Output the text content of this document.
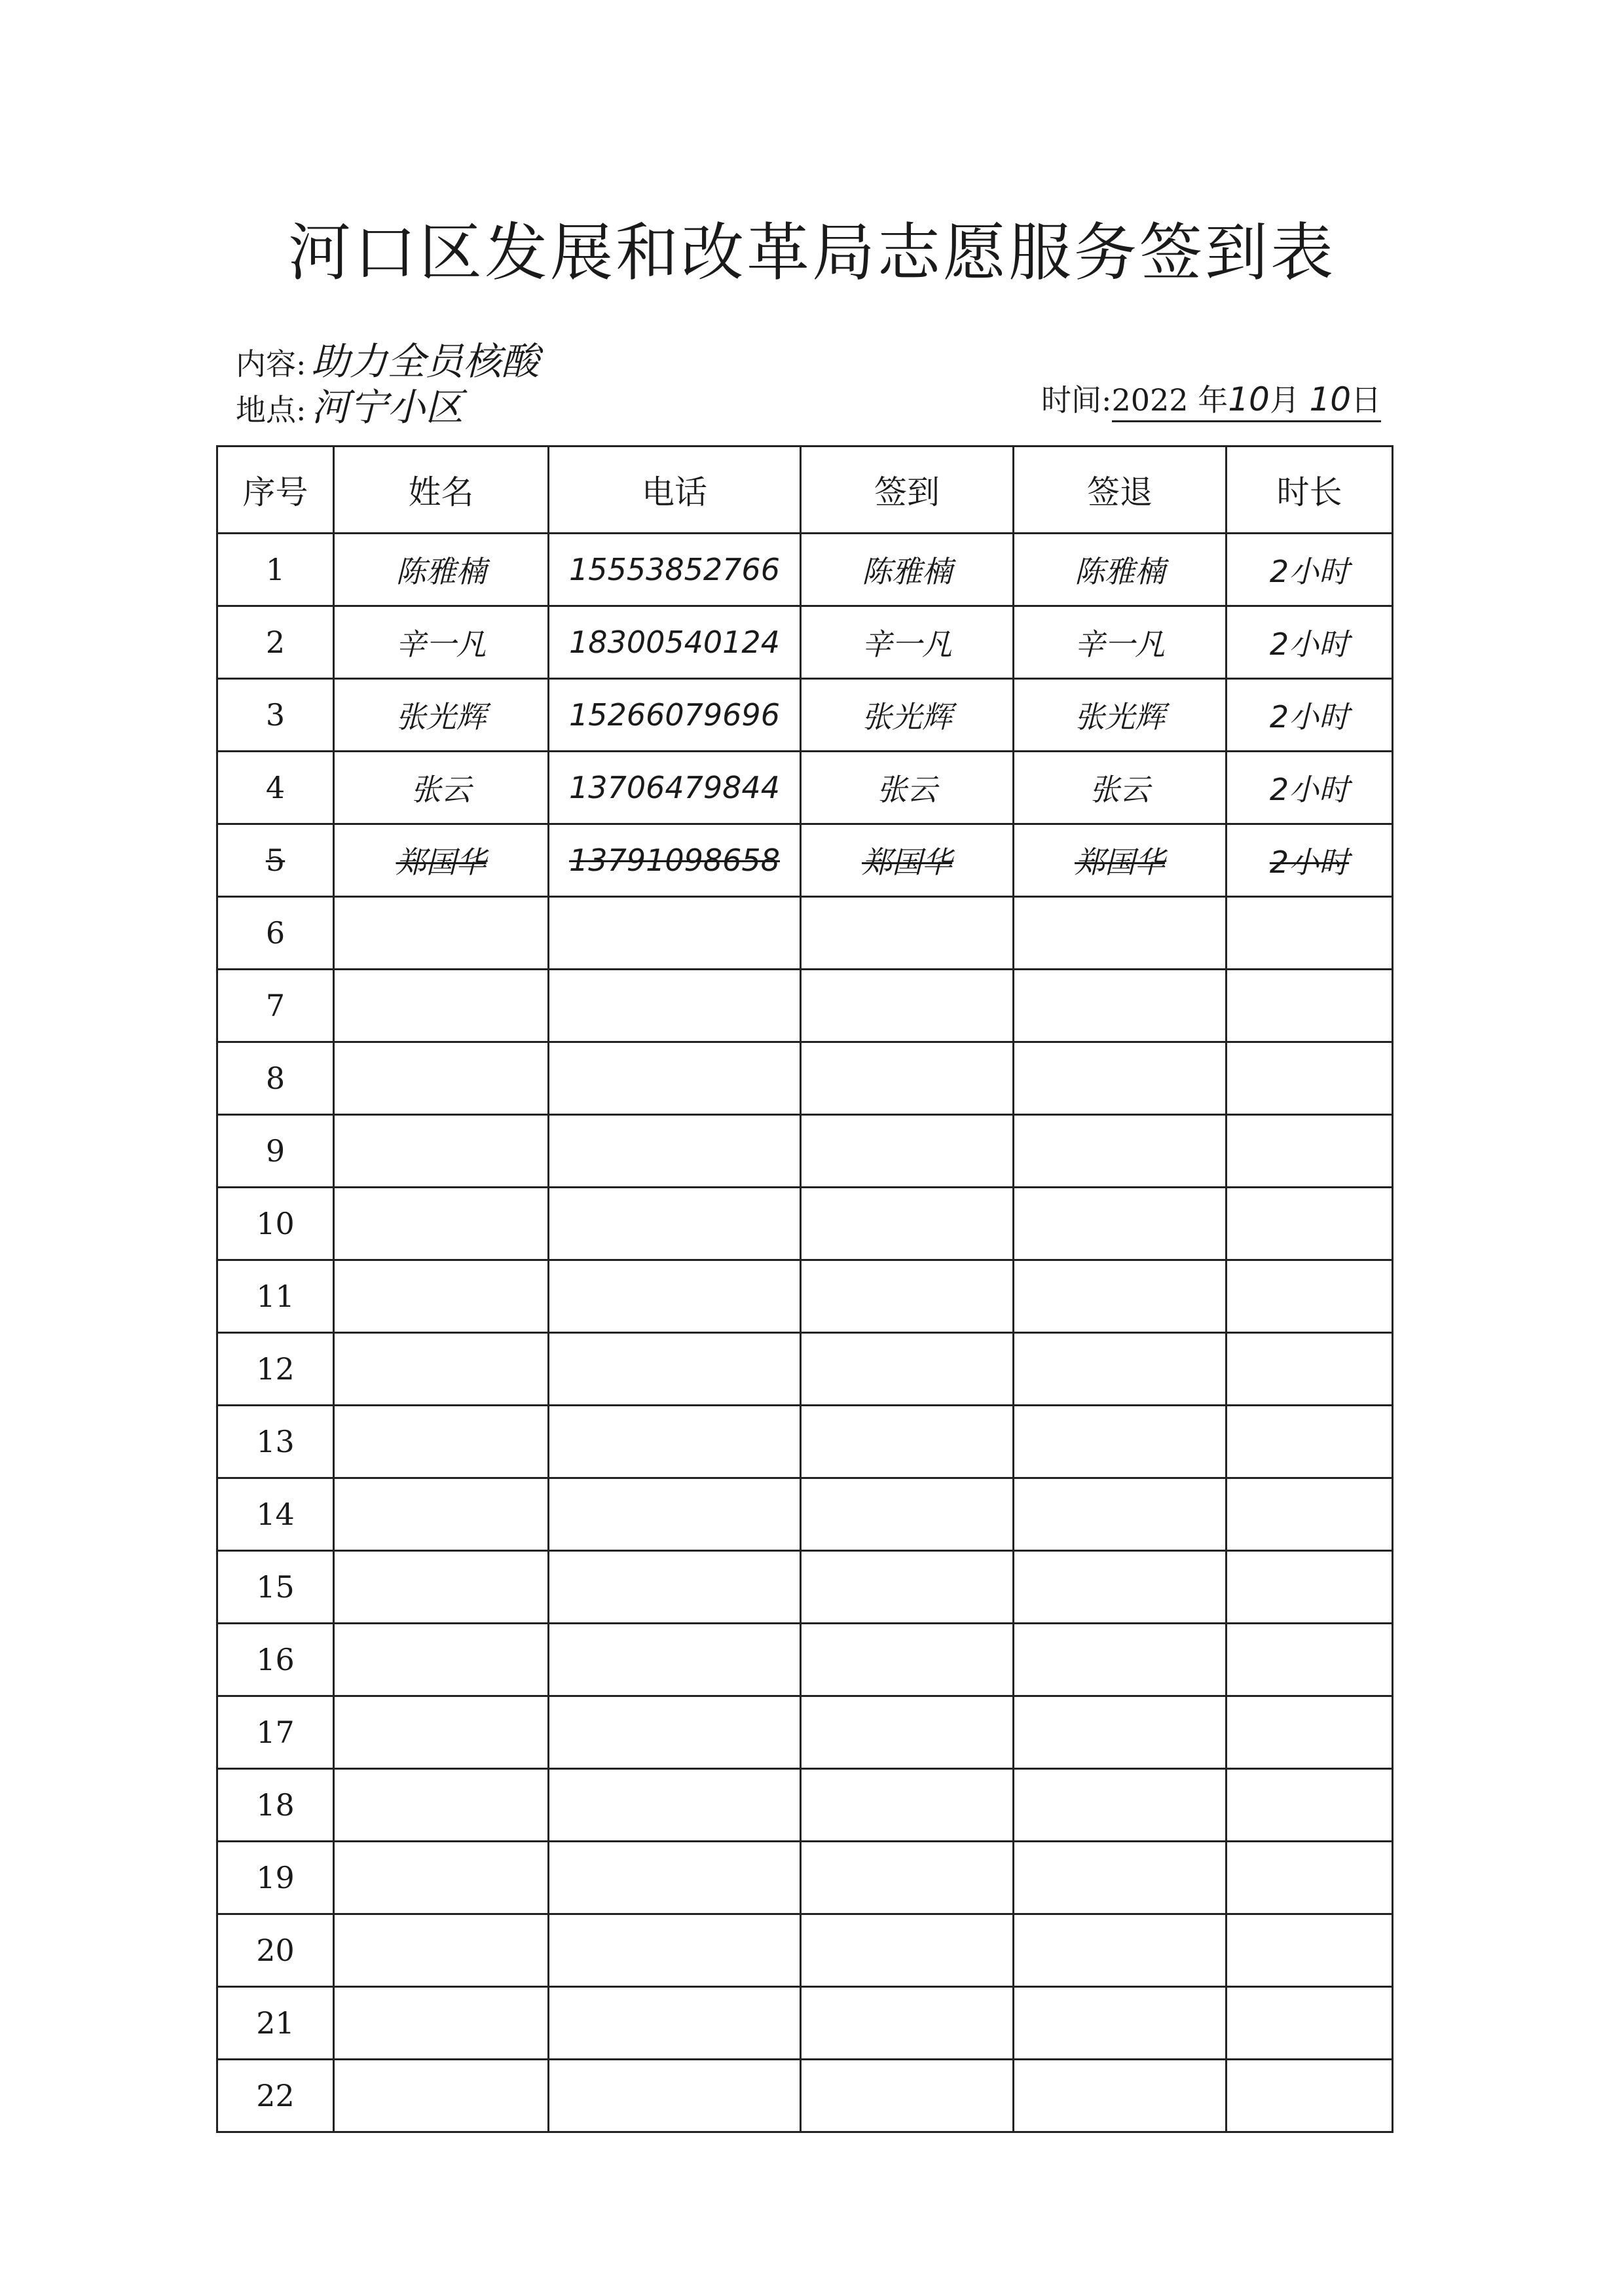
河口区发展和改革局志愿服务签到表
内容: 助力全员核酸
地点: 河宁小区	时间:2022 年10月 10日
序号	姓名	电话	签到	签退	时长
1	陈雅楠	15553852766	陈雅楠	陈雅楠	2小时
2	辛一凡	18300540124	辛一凡	辛一凡	2小时
3	张光辉	15266079696	张光辉	张光辉	2小时
4	张云	13706479844	张云	张云	2小时
5	郑国华	13791098658	郑国华	郑国华	2小时
6					
7					
8					
9					
10					
11					
12					
13					
14					
15					
16					
17					
18					
19					
20					
21					
22					
